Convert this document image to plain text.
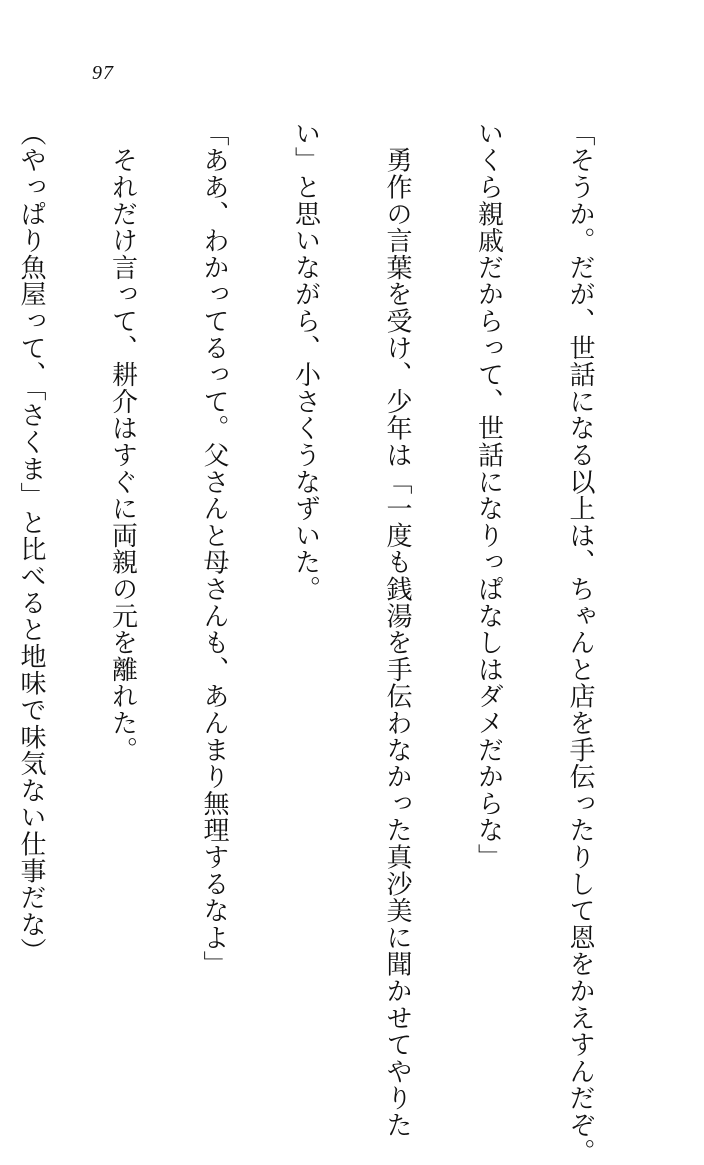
97

「そうか。だが、世話になる以上は、ちゃんと店を手伝ったりして恩をかえすんだぞ。

いくら親戚だからって、世話になりっぱなしはダメだからな」

　勇作の言葉を受け、少年は「一度も銭湯を手伝わなかった真沙美に聞かせてやりた

い」と思いながら、小さくうなずいた。

「ああ、わかってるって。父さんと母さんも、あんまり無理するなよ」

　それだけ言って、耕介はすぐに両親の元を離れた。

（やっぱり魚屋って、「さくま」と比べると地味で味気ない仕事だな）
